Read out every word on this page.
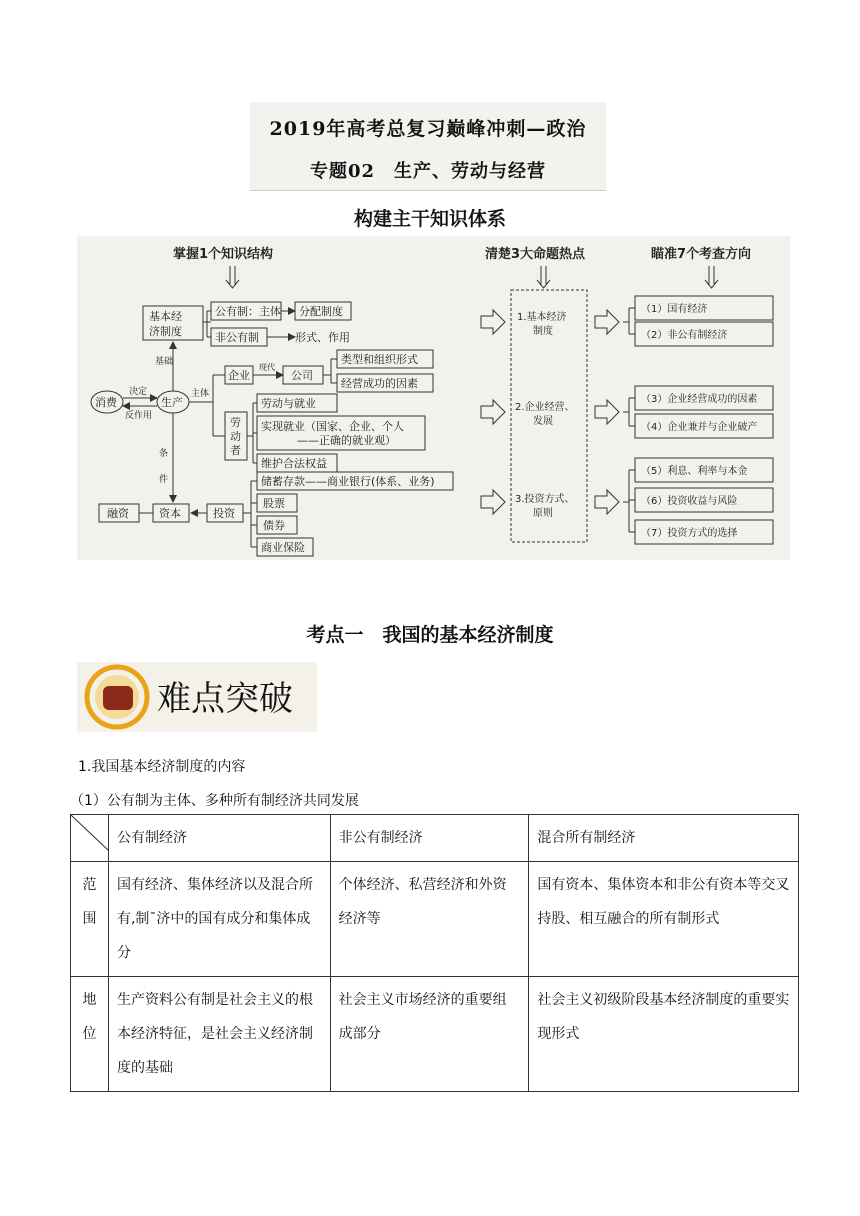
2019年高考总复习巅峰冲刺—政治
专题02　生产、劳动与经营
构建主干知识体系
掌握1个知识结构	清楚3大命题热点	瞄准7个考查方向
基本经
济制度
公有制：主体 分配制度
非公有制	形式、作用
基础
消费
决定
反作用
生产
主体
企业
现代
公司
类型和组织形式
经营成功的因素
劳
动
者
劳动与就业
实现就业（国家、企业、个人
——正确的就业观）
维护合法权益
条
件
融资	资本	投资
储蓄存款——商业银行(体系、业务)
股票
债券
商业保险
1.基本经济
制度
2.企业经营、
发展
3.投资方式、
原则
（1）国有经济
（2）非公有制经济
（3）企业经营成功的因素
（4）企业兼并与企业破产
（5）利息、利率与本金
（6）投资收益与风险
（7）投资方式的选择
考点一　我国的基本经济制度
难点突破
1.我国基本经济制度的内容
（1）公有制为主体、多种所有制经济共同发展
	公有制经济	非公有制经济	混合所有制经济

范
围	国有经济、集体经济以及混合所有,制¯济中的国有成分和集体成分	个体经济、私营经济和外资经济等	国有资本、集体资本和非公有资本等交叉持股、相互融合的所有制形式

地
位	生产资料公有制是社会主义的根本经济特征，是社会主义经济制度的基础	社会主义市场经济的重要组成部分	社会主义初级阶段基本经济制度的重要实现形式
